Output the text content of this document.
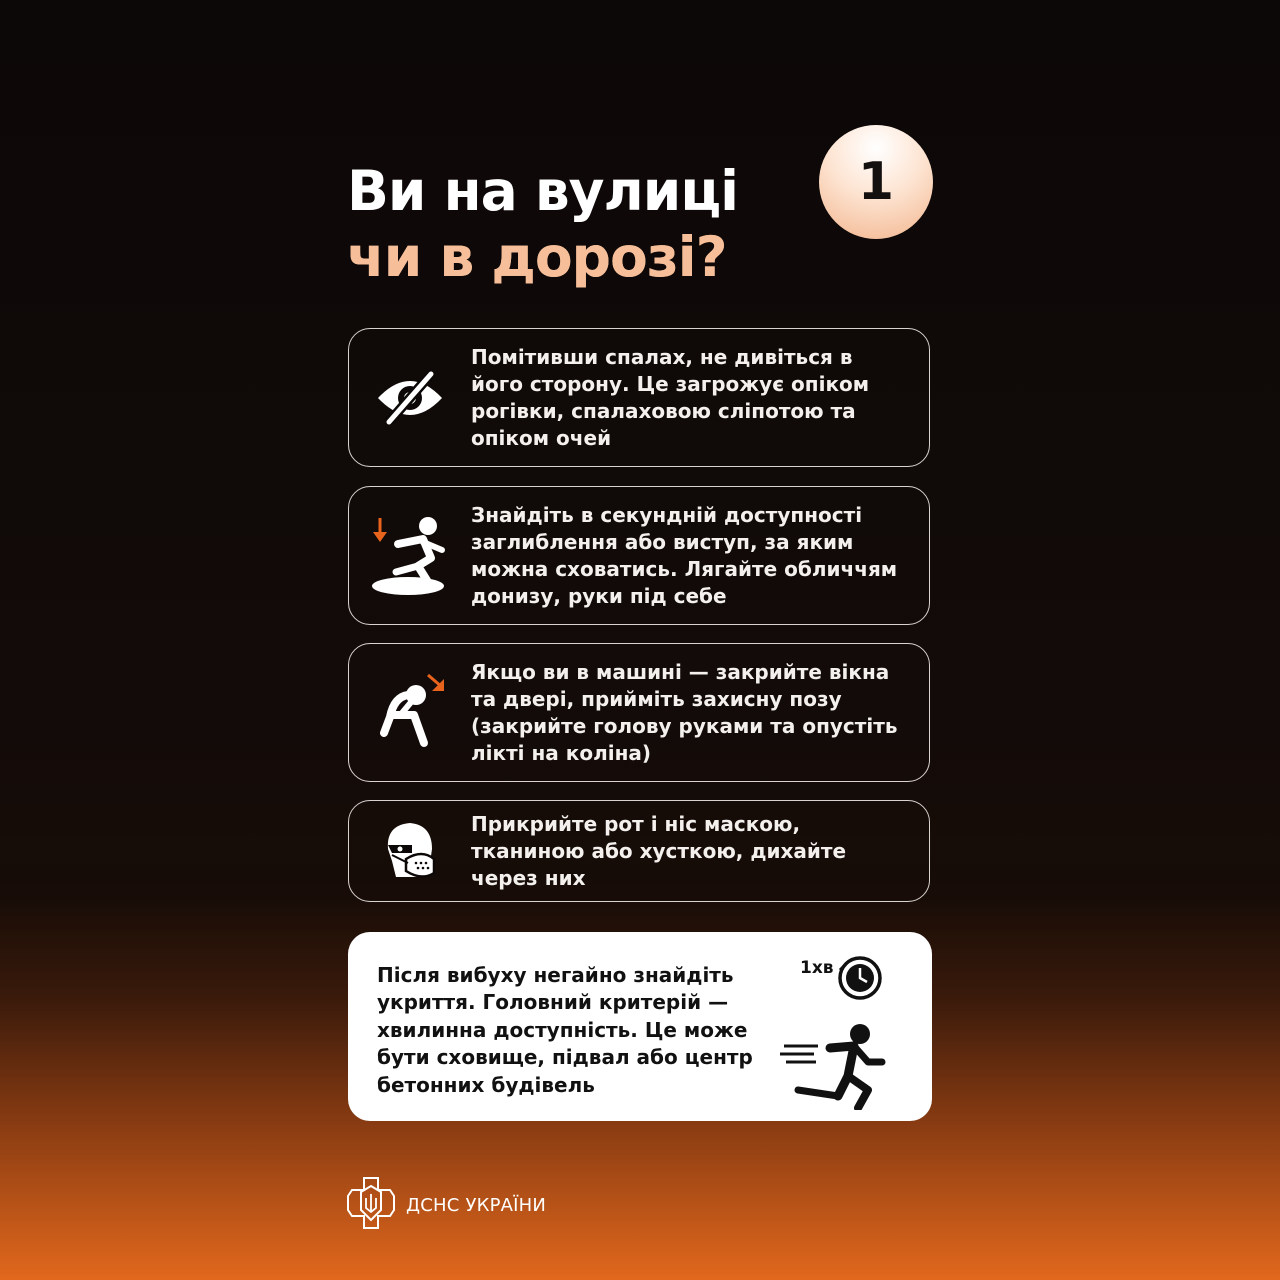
Ви на вулиці
чи в дорозі?
1
Помітивши спалах, не дивіться в його сторону. Це загрожує опіком рогівки, спалаховою сліпотою та опіком очей
Знайдіть в секундній доступності заглиблення або виступ, за яким можна сховатись. Лягайте обличчям донизу, руки під себе
Якщо ви в машині — закрийте вікна та двері, прийміть захисну позу (закрийте голову руками та опустіть лікті на коліна)
Прикрийте рот і ніс маскою, тканиною або хусткою, дихайте через них
Після вибуху негайно знайдіть укриття. Головний критерій — хвилинна доступність. Це може бути сховище, підвал або центр бетонних будівель
1хв
ДСНС УКРАЇНИ
